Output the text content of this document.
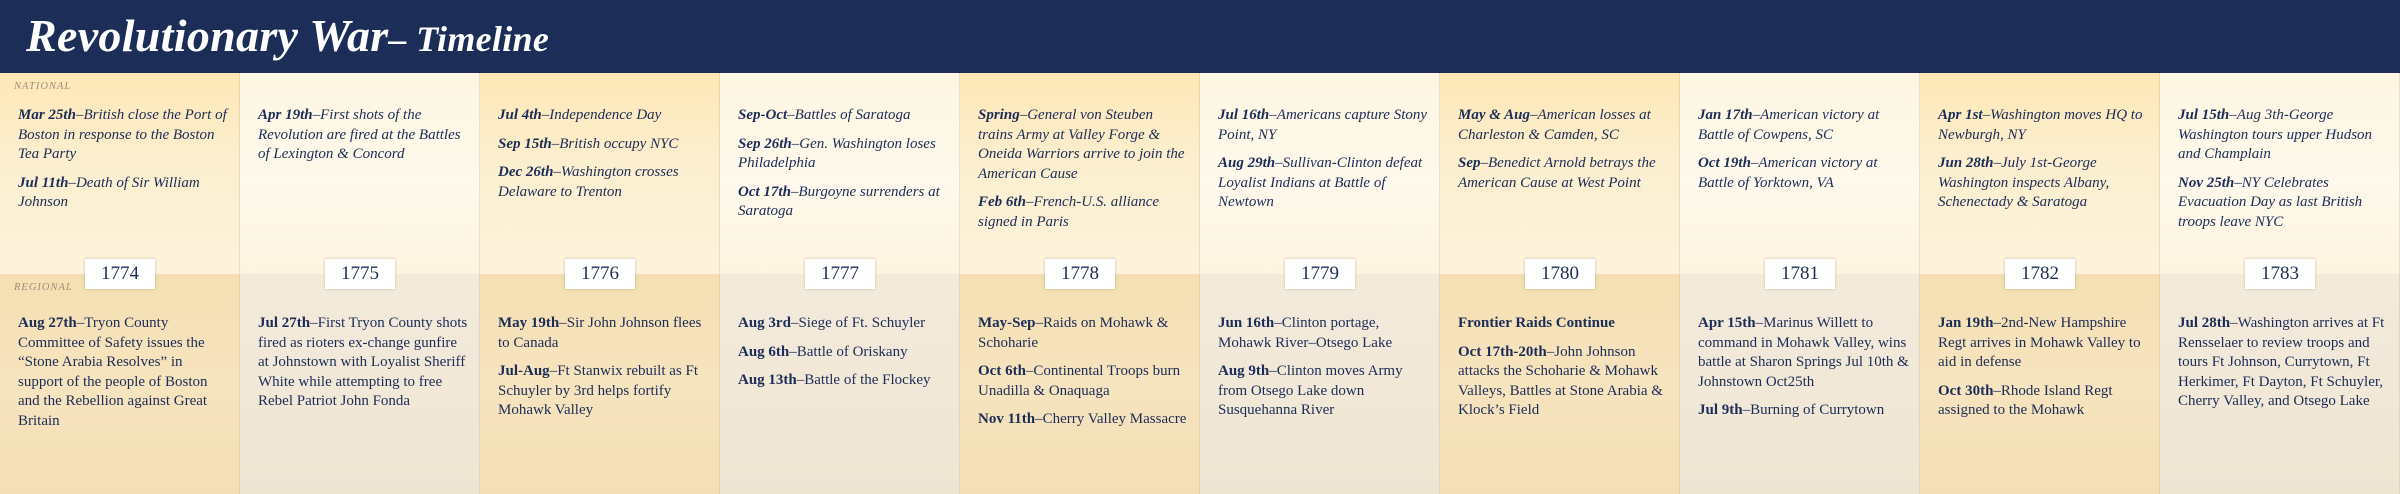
Revolutionary War– Timeline
NATIONAL
REGIONAL

Mar 25th–British close the Port of Boston in response to the Boston Tea Party

Jul 11th–Death of Sir William Johnson

Aug 27th–Tryon County Committee of Safety issues the “Stone Arabia Resolves” in support of the people of Boston and the Rebellion against Great Britain

1774

Apr 19th–First shots of the Revolution are fired at the Battles of Lexington & Concord

Jul 27th–First Tryon County shots fired as rioters ex-change gunfire at Johnstown with Loyalist Sheriff White while attempting to free Rebel Patriot John Fonda

1775

Jul 4th–Independence Day

Sep 15th–British occupy NYC

Dec 26th–Washington crosses Delaware to Trenton

May 19th–Sir John Johnson flees to Canada

Jul-Aug–Ft Stanwix rebuilt as Ft Schuyler by 3rd helps fortify Mohawk Valley

1776

Sep-Oct–Battles of Saratoga

Sep 26th–Gen. Washington loses Philadelphia

Oct 17th–Burgoyne surrenders at Saratoga

Aug 3rd–Siege of Ft. Schuyler

Aug 6th–Battle of Oriskany

Aug 13th–Battle of the Flockey

1777

Spring–General von Steuben trains Army at Valley Forge & Oneida Warriors arrive to join the American Cause

Feb 6th–French-U.S. alliance signed in Paris

May-Sep–Raids on Mohawk & Schoharie

Oct 6th–Continental Troops burn Unadilla & Onaquaga

Nov 11th–Cherry Valley Massacre

1778

Jul 16th–Americans capture Stony Point, NY

Aug 29th–Sullivan-Clinton defeat Loyalist Indians at Battle of Newtown

Jun 16th–Clinton portage, Mohawk River–Otsego Lake

Aug 9th–Clinton moves Army from Otsego Lake down Susquehanna River

1779

May & Aug–American losses at Charleston & Camden, SC

Sep–Benedict Arnold betrays the American Cause at West Point

Frontier Raids Continue

Oct 17th-20th–John Johnson attacks the Schoharie & Mohawk Valleys, Battles at Stone Arabia & Klock’s Field

1780

Jan 17th–American victory at Battle of Cowpens, SC

Oct 19th–American victory at Battle of Yorktown, VA

Apr 15th–Marinus Willett to command in Mohawk Valley, wins battle at Sharon Springs Jul 10th & Johnstown Oct25th

Jul 9th–Burning of Currytown

1781

Apr 1st–Washington moves HQ to Newburgh, NY

Jun 28th–July 1st-George Washington inspects Albany, Schenectady & Saratoga

Jan 19th–2nd-New Hampshire Regt arrives in Mohawk Valley to aid in defense

Oct 30th–Rhode Island Regt assigned to the Mohawk

1782

Jul 15th–Aug 3th-George Washington tours upper Hudson and Champlain

Nov 25th–NY Celebrates Evacuation Day as last British troops leave NYC

Jul 28th–Washington arrives at Ft Rensselaer to review troops and tours Ft Johnson, Currytown, Ft Herkimer, Ft Dayton, Ft Schuyler, Cherry Valley, and Otsego Lake

1783
